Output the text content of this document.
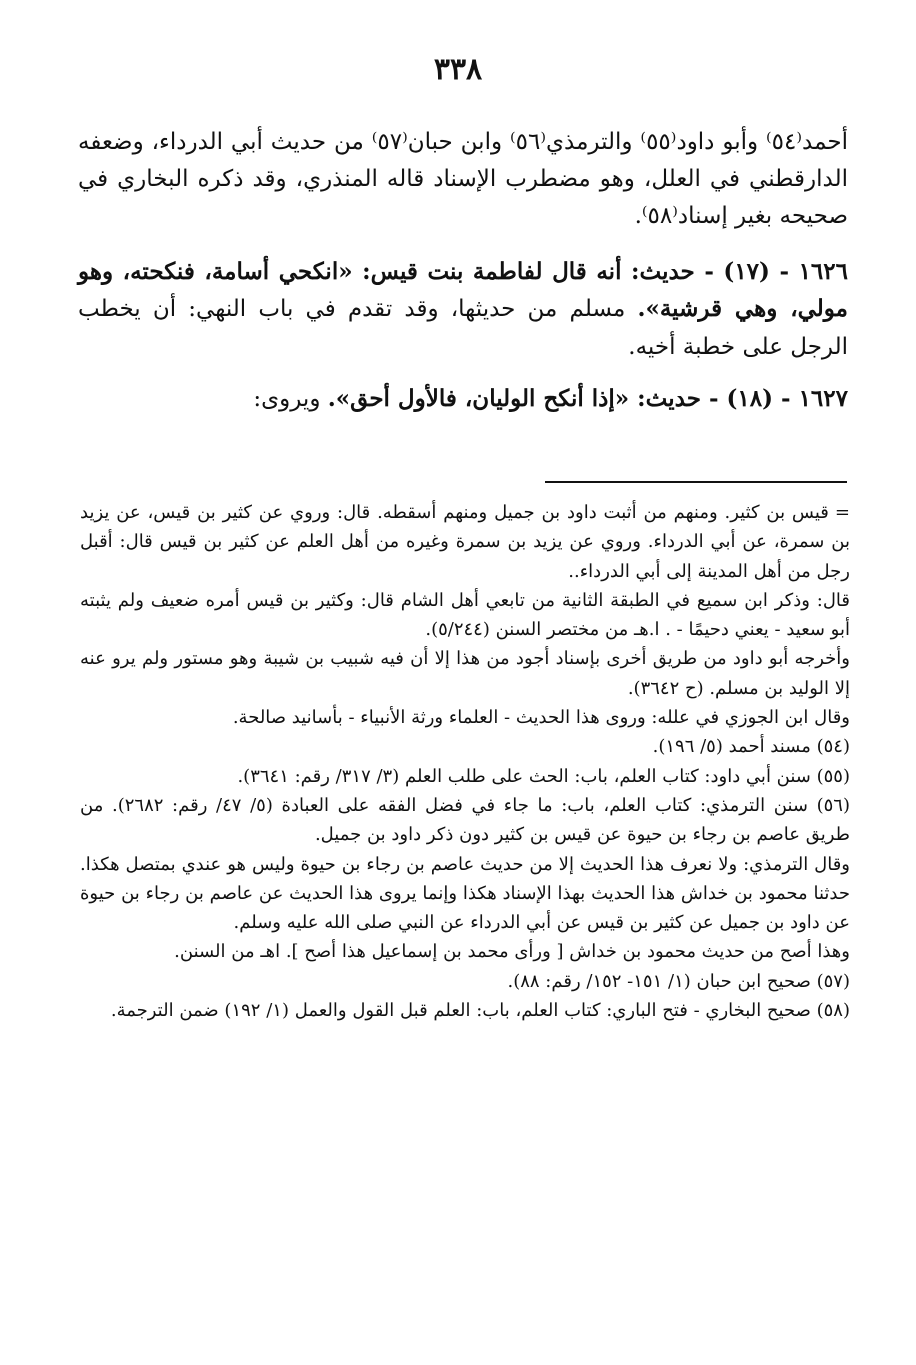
٣٣٨

أحمد⁽٥٤⁾ وأبو داود⁽٥٥⁾ والترمذي⁽٥٦⁾ وابن حبان⁽٥٧⁾ من حديث أبي الدرداء، وضعفه الدارقطني في العلل، وهو مضطرب الإسناد قاله المنذري، وقد ذكره البخاري في صحيحه بغير إسناد⁽٥٨⁾.

١٦٢٦ - (١٧) - حديث: أنه قال لفاطمة بنت قيس: «انكحي أسامة، فنكحته، وهو مولي، وهي قرشية». مسلم من حديثها، وقد تقدم في باب النهي: أن يخطب الرجل على خطبة أخيه.

١٦٢٧ - (١٨) - حديث: «إذا أنكح الوليان، فالأول أحق». ويروى:

=قيس بن كثير. ومنهم من أثبت داود بن جميل ومنهم أسقطه. قال: وروي عن كثير بن قيس، عن يزيد بن سمرة، عن أبي الدرداء. وروي عن يزيد بن سمرة وغيره من أهل العلم عن كثير بن قيس قال: أقبل رجل من أهل المدينة إلى أبي الدرداء..

قال: وذكر ابن سميع في الطبقة الثانية من تابعي أهل الشام قال: وكثير بن قيس أمره ضعيف ولم يثبته أبو سعيد - يعني دحيمًا - . ا.هـ من مختصر السنن (٥/٢٤٤).

وأخرجه أبو داود من طريق أخرى بإسناد أجود من هذا إلا أن فيه شبيب بن شيبة وهو مستور ولم يرو عنه إلا الوليد بن مسلم. (ح ٣٦٤٢).

وقال ابن الجوزي في علله: وروى هذا الحديث - العلماء ورثة الأنبياء - بأسانيد صالحة.

(٥٤) مسند أحمد (٥/ ١٩٦).

(٥٥) سنن أبي داود: كتاب العلم، باب: الحث على طلب العلم (٣/ ٣١٧/ رقم: ٣٦٤١).

(٥٦) سنن الترمذي: كتاب العلم، باب: ما جاء في فضل الفقه على العبادة (٥/ ٤٧/ رقم: ٢٦٨٢). من طريق عاصم بن رجاء بن حيوة عن قيس بن كثير دون ذكر داود بن جميل.

وقال الترمذي: ولا نعرف هذا الحديث إلا من حديث عاصم بن رجاء بن حيوة وليس هو عندي بمتصل هكذا. حدثنا محمود بن خداش هذا الحديث بهذا الإسناد هكذا وإنما يروى هذا الحديث عن عاصم بن رجاء بن حيوة عن داود بن جميل عن كثير بن قيس عن أبي الدرداء عن النبي صلى الله عليه وسلم.

وهذا أصح من حديث محمود بن خداش [ ورأى محمد بن إسماعيل هذا أصح ]. اهـ من السنن.

(٥٧) صحيح ابن حبان (١/ ١٥١- ١٥٢/ رقم: ٨٨).

(٥٨) صحيح البخاري - فتح الباري: كتاب العلم، باب: العلم قبل القول والعمل (١/ ١٩٢) ضمن الترجمة.
